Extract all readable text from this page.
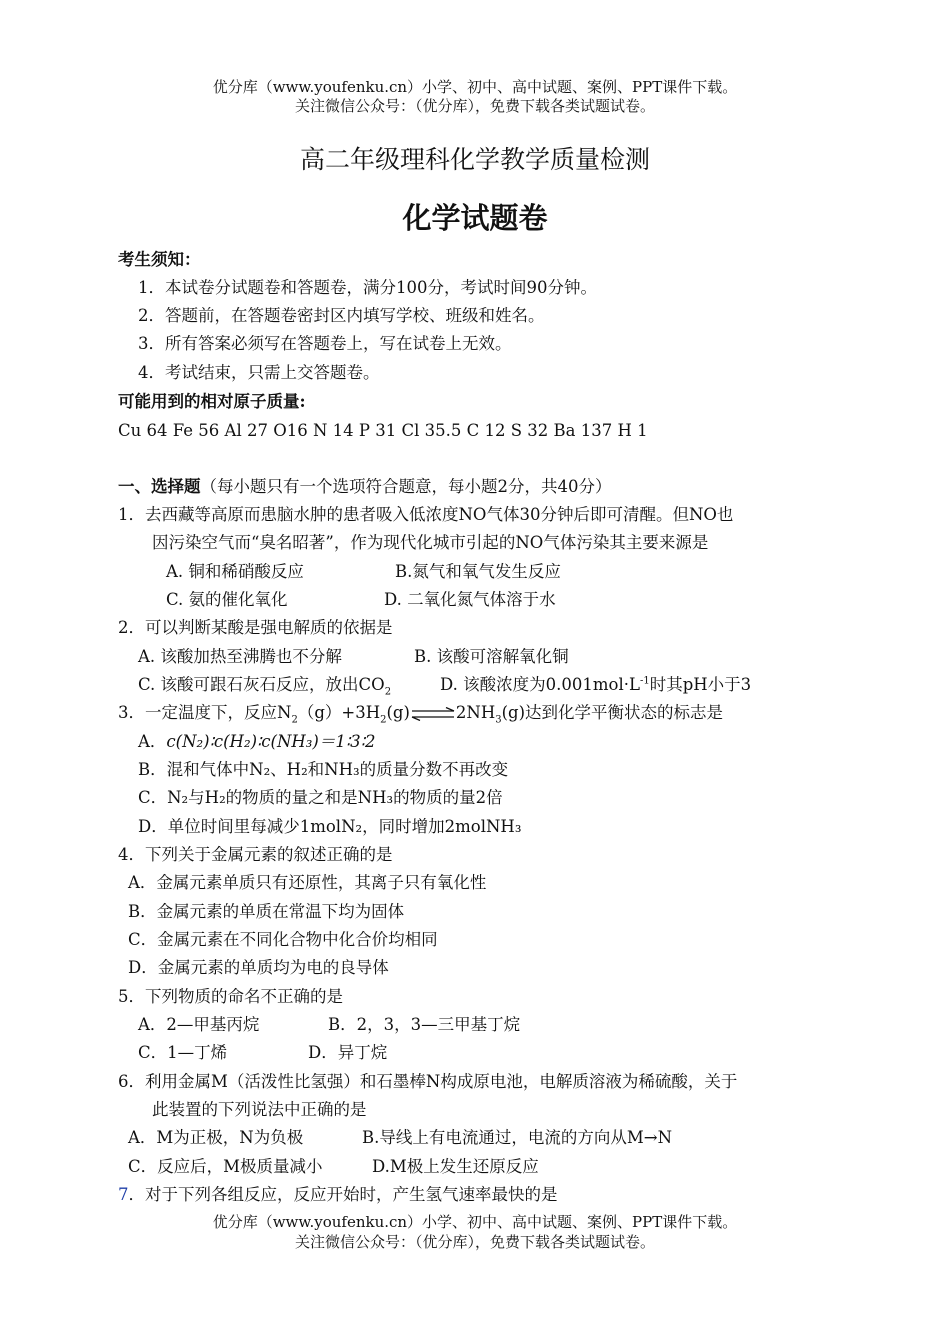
优分库（www.youfenku.cn）小学、初中、高中试题、案例、PPT课件下载。
关注微信公众号：（优分库），免费下载各类试题试卷。
高二年级理科化学教学质量检测
化学试题卷
考生须知：
1．本试卷分试题卷和答题卷，满分100分，考试时间90分钟。
2．答题前，在答题卷密封区内填写学校、班级和姓名。
3．所有答案必须写在答题卷上，写在试卷上无效。
4．考试结束，只需上交答题卷。
可能用到的相对原子质量:
Cu 64 Fe 56 Al 27 O16 N 14 P 31 Cl 35.5 C 12 S 32 Ba 137 H 1
一、选择题（每小题只有一个选项符合题意，每小题2分，共40分）
1．去西藏等高原而患脑水肿的患者吸入低浓度NO气体30分钟后即可清醒。但NO也
因污染空气而“臭名昭著”，作为现代化城市引起的NO气体污染其主要来源是
A. 铜和稀硝酸反应	B.氮气和氧气发生反应
C. 氨的催化氧化	D. 二氧化氮气体溶于水
2．可以判断某酸是强电解质的依据是
A. 该酸加热至沸腾也不分解	B. 该酸可溶解氧化铜
C. 该酸可跟石灰石反应，放出$CO_2$	D. 该酸浓度为$0.001mol\cdot L^{-1}$时其pH小于3
3．一定温度下，反应$N_2(g)+3H_2(g)\rightleftharpoons 2NH_3(g)$达到化学平衡状态的标志是
A．c(N₂)∶c(H₂)∶c(NH₃)＝1∶3∶2
B．混和气体中N₂、H₂和NH₃的质量分数不再改变
C．N₂与H₂的物质的量之和是NH₃的物质的量2倍
D．单位时间里每减少1molN₂，同时增加2molNH₃
4．下列关于金属元素的叙述正确的是
A．金属元素单质只有还原性，其离子只有氧化性
B．金属元素的单质在常温下均为固体
C．金属元素在不同化合物中化合价均相同
D．金属元素的单质均为电的良导体
5．下列物质的命名不正确的是
A．2—甲基丙烷	B．2，3，3—三甲基丁烷
C．1—丁烯	D．异丁烷
6．利用金属M（活泼性比氢强）和石墨棒N构成原电池，电解质溶液为稀硫酸，关于
此装置的下列说法中正确的是
A．M为正极，N为负极	B.导线上有电流通过，电流的方向从M→N
C．反应后，M极质量减小	D.M极上发生还原反应
7．对于下列各组反应，反应开始时，产生氢气速率最快的是
优分库（www.youfenku.cn）小学、初中、高中试题、案例、PPT课件下载。
关注微信公众号：（优分库），免费下载各类试题试卷。
